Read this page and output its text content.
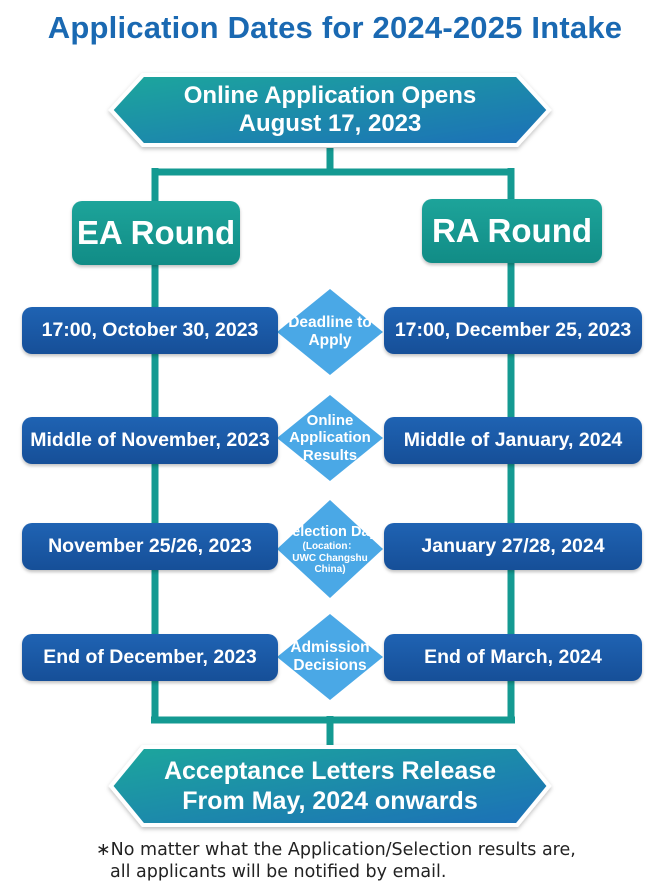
Application Dates for 2024-2025 Intake
Online Application Opens
August 17, 2023
EA Round	RA Round
17:00, October 30, 2023 Deadline to
Apply 17:00, December 25, 2023
Middle of November, 2023
Online
Application
Results
Middle of January, 2024
November 25/26, 2023
Selection Day
(Location：
UWC Changshu
China)
January 27/28, 2024
End of December, 2023 Admission
Decisions	End of March, 2024
Acceptance Letters Release
From May, 2024 onwards
∗No matter what the Application/Selection results are,
all applicants will be notified by email.
